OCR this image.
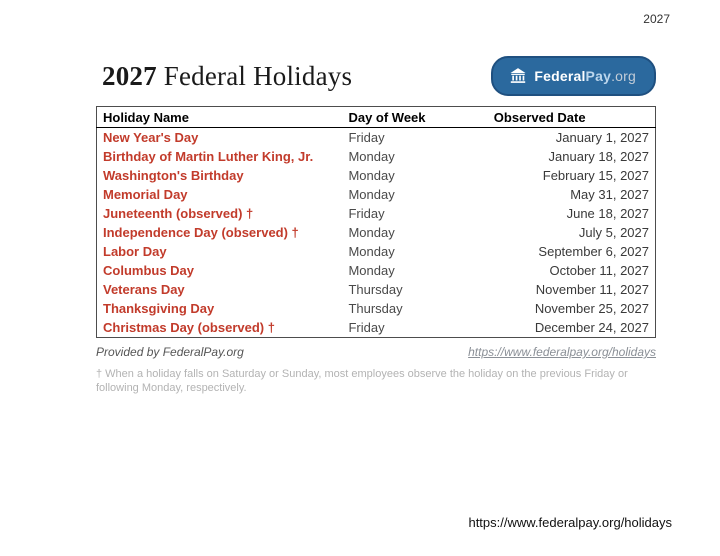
2027
2027 Federal Holidays	FederalPay.org
Holiday Name	Day of Week	Observed Date
New Year's Day	Friday	January 1, 2027
Birthday of Martin Luther King, Jr.	Monday	January 18, 2027
Washington's Birthday	Monday	February 15, 2027
Memorial Day	Monday	May 31, 2027
Juneteenth (observed) †	Friday	June 18, 2027
Independence Day (observed) †	Monday	July 5, 2027
Labor Day	Monday	September 6, 2027
Columbus Day	Monday	October 11, 2027
Veterans Day	Thursday	November 11, 2027
Thanksgiving Day	Thursday	November 25, 2027
Christmas Day (observed) †	Friday	December 24, 2027
Provided by FederalPay.org	https://www.federalpay.org/holidays
† When a holiday falls on Saturday or Sunday, most employees observe the holiday on the previous Friday or following Monday, respectively.
https://www.federalpay.org/holidays
